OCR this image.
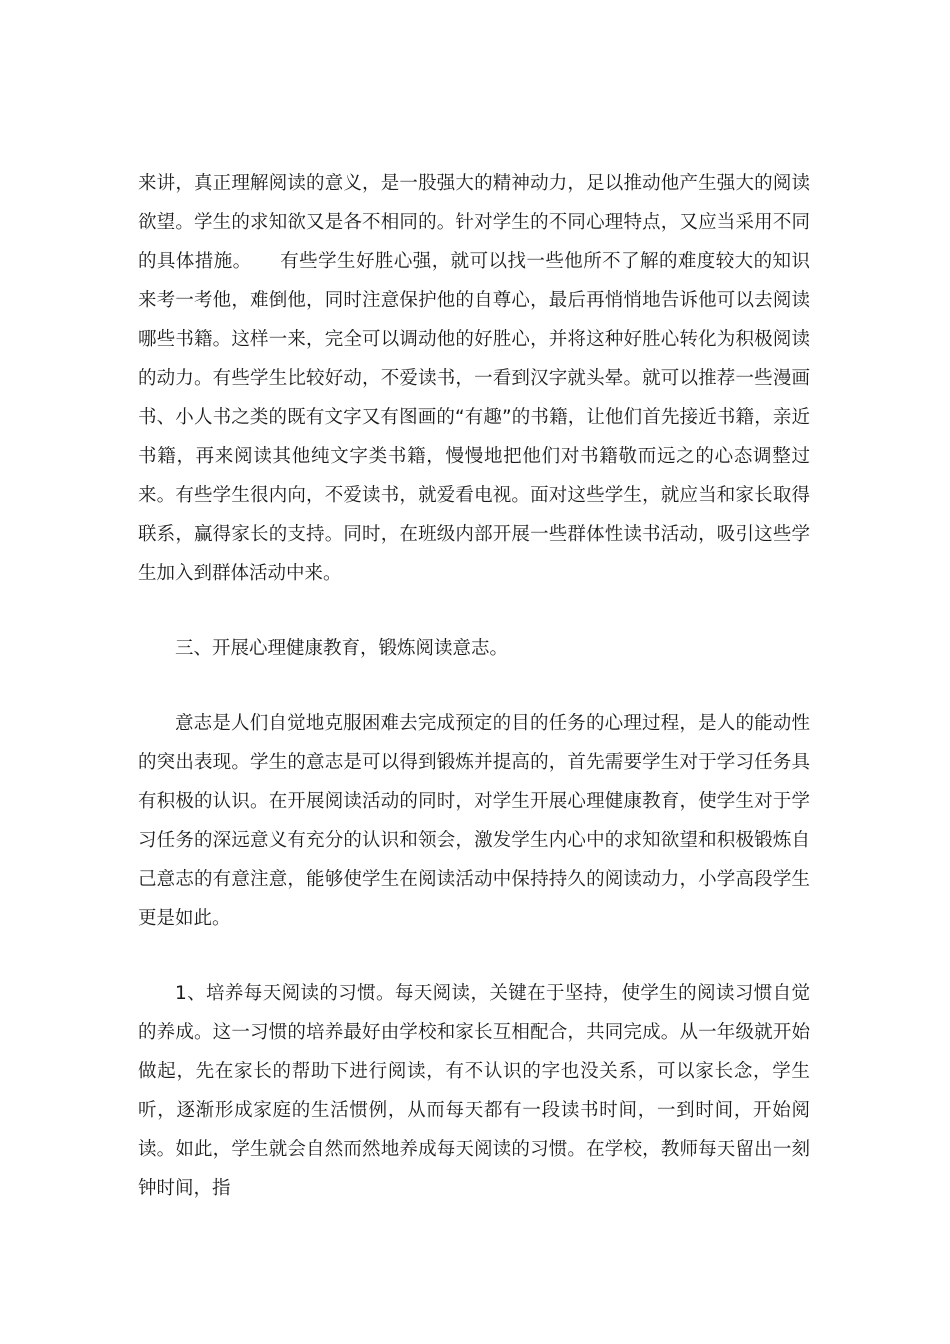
来讲，真正理解阅读的意义，是一股强大的精神动力，足以推动他产生强大的阅读欲望。学生的求知欲又是各不相同的。针对学生的不同心理特点，又应当采用不同的具体措施。　　有些学生好胜心强，就可以找一些他所不了解的难度较大的知识来考一考他，难倒他，同时注意保护他的自尊心，最后再悄悄地告诉他可以去阅读哪些书籍。这样一来，完全可以调动他的好胜心，并将这种好胜心转化为积极阅读的动力。有些学生比较好动，不爱读书，一看到汉字就头晕。就可以推荐一些漫画书、小人书之类的既有文字又有图画的“有趣”的书籍，让他们首先接近书籍，亲近书籍，再来阅读其他纯文字类书籍，慢慢地把他们对书籍敬而远之的心态调整过来。有些学生很内向，不爱读书，就爱看电视。面对这些学生，就应当和家长取得联系，赢得家长的支持。同时，在班级内部开展一些群体性读书活动，吸引这些学生加入到群体活动中来。

三、开展心理健康教育，锻炼阅读意志。

意志是人们自觉地克服困难去完成预定的目的任务的心理过程，是人的能动性的突出表现。学生的意志是可以得到锻炼并提高的，首先需要学生对于学习任务具有积极的认识。在开展阅读活动的同时，对学生开展心理健康教育，使学生对于学习任务的深远意义有充分的认识和领会，激发学生内心中的求知欲望和积极锻炼自己意志的有意注意，能够使学生在阅读活动中保持持久的阅读动力，小学高段学生更是如此。

1、培养每天阅读的习惯。每天阅读，关键在于坚持，使学生的阅读习惯自觉的养成。这一习惯的培养最好由学校和家长互相配合，共同完成。从一年级就开始做起，先在家长的帮助下进行阅读，有不认识的字也没关系，可以家长念，学生听，逐渐形成家庭的生活惯例，从而每天都有一段读书时间，一到时间，开始阅读。如此，学生就会自然而然地养成每天阅读的习惯。在学校，教师每天留出一刻钟时间，指
